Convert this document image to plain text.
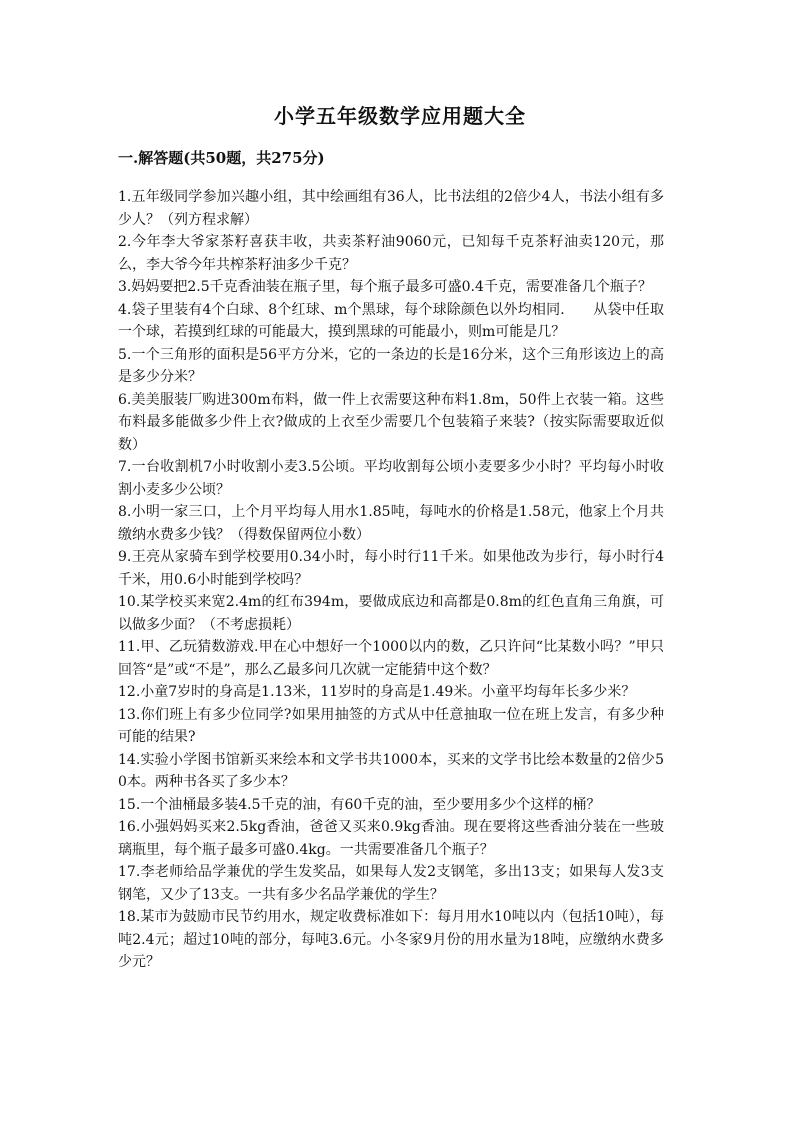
小学五年级数学应用题大全
一.解答题(共50题，共275分)
1.五年级同学参加兴趣小组，其中绘画组有36人，比书法组的2倍少4人，书法小组有多少人？（列方程求解）
2.今年李大爷家茶籽喜获丰收，共卖茶籽油9060元，已知每千克茶籽油卖120元，那么，李大爷今年共榨茶籽油多少千克？
3.妈妈要把2.5千克香油装在瓶子里，每个瓶子最多可盛0.4千克，需要准备几个瓶子？
4.袋子里装有4个白球、8个红球、m个黑球，每个球除颜色以外均相同.　　从袋中任取一个球，若摸到红球的可能最大，摸到黑球的可能最小，则m可能是几？
5.一个三角形的面积是56平方分米，它的一条边的长是16分米，这个三角形该边上的高是多少分米？
6.美美服装厂购进300m布料，做一件上衣需要这种布料1.8m，50件上衣装一箱。这些布料最多能做多少件上衣?做成的上衣至少需要几个包装箱子来装?（按实际需要取近似数）
7.一台收割机7小时收割小麦3.5公顷。平均收割每公顷小麦要多少小时？平均每小时收割小麦多少公顷？
8.小明一家三口，上个月平均每人用水1.85吨，每吨水的价格是1.58元，他家上个月共缴纳水费多少钱？（得数保留两位小数）
9.王亮从家骑车到学校要用0.34小时，每小时行11千米。如果他改为步行，每小时行4千米，用0.6小时能到学校吗？
10.某学校买来宽2.4m的红布394m，要做成底边和高都是0.8m的红色直角三角旗，可以做多少面？（不考虑损耗）
11.甲、乙玩猜数游戏.甲在心中想好一个1000以内的数，乙只许问“比某数小吗？”甲只回答“是”或“不是”，那么乙最多问几次就一定能猜中这个数？
12.小童7岁时的身高是1.13米，11岁时的身高是1.49米。小童平均每年长多少米？
13.你们班上有多少位同学?如果用抽签的方式从中任意抽取一位在班上发言，有多少种可能的结果?
14.实验小学图书馆新买来绘本和文学书共1000本，买来的文学书比绘本数量的2倍少50本。两种书各买了多少本？
15.一个油桶最多装4.5千克的油，有60千克的油，至少要用多少个这样的桶？
16.小强妈妈买来2.5kg香油，爸爸又买来0.9kg香油。现在要将这些香油分装在一些玻璃瓶里，每个瓶子最多可盛0.4kg。一共需要准备几个瓶子？
17.李老师给品学兼优的学生发奖品，如果每人发2支钢笔，多出13支；如果每人发3支钢笔，又少了13支。一共有多少名品学兼优的学生？
18.某市为鼓励市民节约用水，规定收费标准如下：每月用水10吨以内（包括10吨），每吨2.4元；超过10吨的部分，每吨3.6元。小冬家9月份的用水量为18吨，应缴纳水费多少元？
